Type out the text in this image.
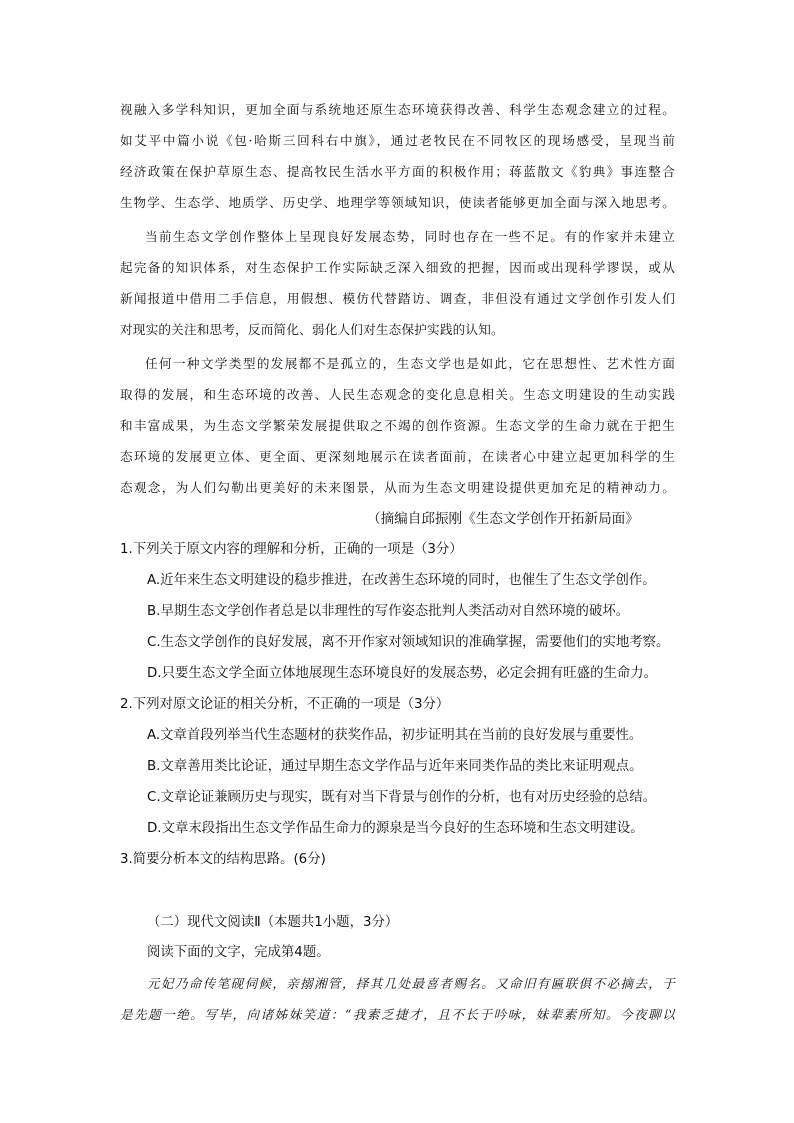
视融入多学科知识，更加全面与系统地还原生态环境获得改善、科学生态观念建立的过程。
如艾平中篇小说《包·哈斯三回科右中旗》，通过老牧民在不同牧区的现场感受，呈现当前
经济政策在保护草原生态、提高牧民生活水平方面的积极作用；蒋蓝散文《豹典》事连整合
生物学、生态学、地质学、历史学、地理学等领域知识，使读者能够更加全面与深入地思考。
当前生态文学创作整体上呈现良好发展态势，同时也存在一些不足。有的作家并未建立
起完备的知识体系，对生态保护工作实际缺乏深入细致的把握，因而或出现科学谬误，或从
新闻报道中借用二手信息，用假想、模仿代替踏访、调查，非但没有通过文学创作引发人们
对现实的关注和思考，反而简化、弱化人们对生态保护实践的认知。
任何一种文学类型的发展都不是孤立的，生态文学也是如此，它在思想性、艺术性方面
取得的发展，和生态环境的改善、人民生态观念的变化息息相关。生态文明建设的生动实践
和丰富成果，为生态文学繁荣发展提供取之不竭的创作资源。生态文学的生命力就在于把生
态环境的发展更立体、更全面、更深刻地展示在读者面前，在读者心中建立起更加科学的生
态观念，为人们勾勒出更美好的未来图景，从而为生态文明建设提供更加充足的精神动力。
（摘编自邱振刚《生态文学创作开拓新局面》
1.下列关于原文内容的理解和分析，正确的一项是（3分）
A.近年来生态文明建设的稳步推进，在改善生态环境的同时，也催生了生态文学创作。
B.早期生态文学创作者总是以非理性的写作姿态批判人类活动对自然环境的破坏。
C.生态文学创作的良好发展，离不开作家对领域知识的准确掌握，需要他们的实地考察。
D.只要生态文学全面立体地展现生态环境良好的发展态势，必定会拥有旺盛的生命力。
2.下列对原文论证的相关分析，不正确的一项是（3分）
A.文章首段列举当代生态题材的获奖作品，初步证明其在当前的良好发展与重要性。
B.文章善用类比论证，通过早期生态文学作品与近年来同类作品的类比来证明观点。
C.文章论证兼顾历史与现实，既有对当下背景与创作的分析，也有对历史经验的总结。
D.文章末段指出生态文学作品生命力的源泉是当今良好的生态环境和生态文明建设。
3.简要分析本文的结构思路。(6分)
（二）现代文阅读Ⅱ（本题共1小题，3分）
阅读下面的文字，完成第4题。
元妃乃命传笔砚伺候，亲搦湘管，择其几处最喜者赐名。又命旧有匾联俱不必摘去，于
是先题一绝。写毕，向诸姊妹笑道：“我素乏捷才，且不长于吟咏，妹辈素所知。今夜聊以
